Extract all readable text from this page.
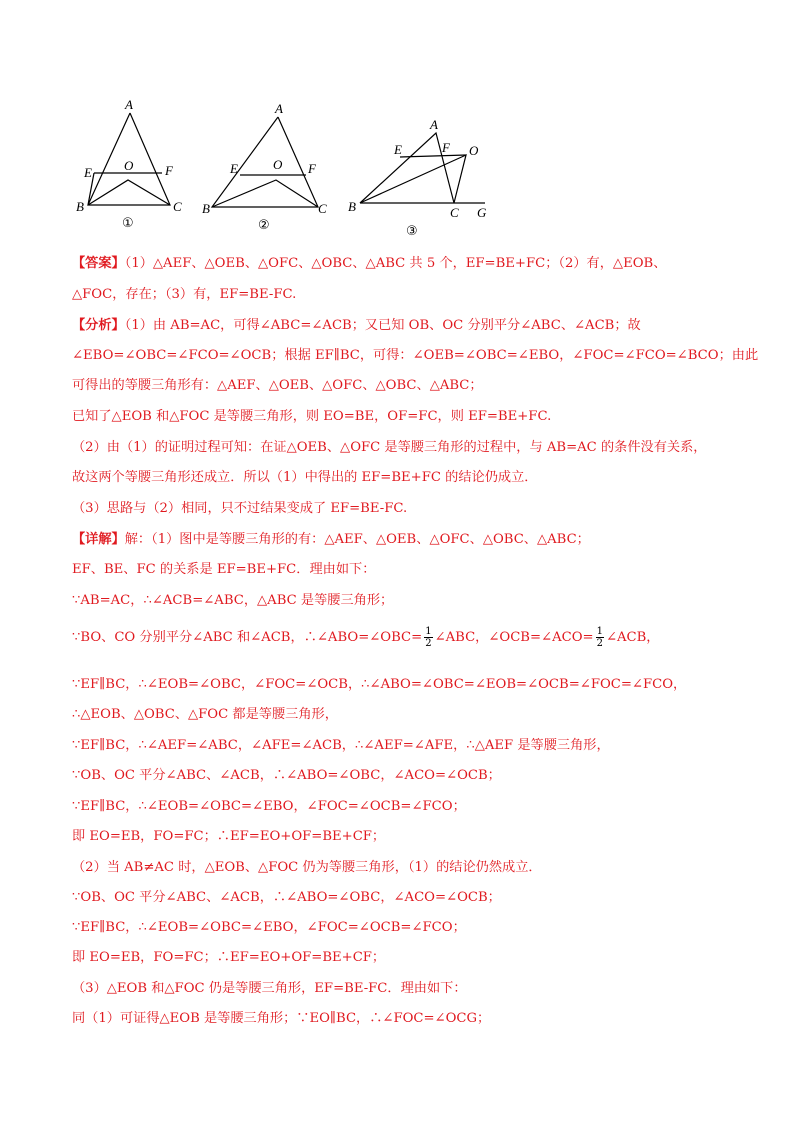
A
E O F
B	C
①
A
E	O F
B	C
②
A
E	F O
B	C G
③
【答案】（1）△AEF、△OEB、△OFC、△OBC、△ABC 共 5 个，EF=BE+FC；（2）有，△EOB、
△FOC，存在；（3）有，EF=BE-FC.
【分析】（1）由 AB=AC，可得∠ABC=∠ACB；又已知 OB、OC 分别平分∠ABC、∠ACB；故
∠EBO=∠OBC=∠FCO=∠OCB；根据 EF∥BC，可得：∠OEB=∠OBC=∠EBO，∠FOC=∠FCO=∠BCO；由此
可得出的等腰三角形有：△AEF、△OEB、△OFC、△OBC、△ABC；
已知了△EOB 和△FOC 是等腰三角形，则 EO=BE，OF=FC，则 EF=BE+FC.
（2）由（1）的证明过程可知：在证△OEB、△OFC 是等腰三角形的过程中，与 AB=AC 的条件没有关系，
故这两个等腰三角形还成立．所以（1）中得出的 EF=BE+FC 的结论仍成立．
（3）思路与（2）相同，只不过结果变成了 EF=BE-FC.
【详解】解：（1）图中是等腰三角形的有：△AEF、△OEB、△OFC、△OBC、△ABC；
EF、BE、FC 的关系是 EF=BE+FC．理由如下：
∵AB=AC，∴∠ACB=∠ABC，△ABC 是等腰三角形；
∵BO、CO 分别平分∠ABC 和∠ACB，∴∠ABO=∠OBC= $\frac{1}{2}$ ∠ABC，∠OCB=∠ACO= $\frac{1}{2}$ ∠ACB，
∵EF∥BC，∴∠EOB=∠OBC，∠FOC=∠OCB，∴∠ABO=∠OBC=∠EOB=∠OCB=∠FOC=∠FCO，
∴△EOB、△OBC、△FOC 都是等腰三角形，
∵EF∥BC，∴∠AEF=∠ABC，∠AFE=∠ACB，∴∠AEF=∠AFE，∴△AEF 是等腰三角形，
∵OB、OC 平分∠ABC、∠ACB，∴∠ABO=∠OBC，∠ACO=∠OCB；
∵EF∥BC，∴∠EOB=∠OBC=∠EBO，∠FOC=∠OCB=∠FCO；
即 EO=EB，FO=FC；∴EF=EO+OF=BE+CF；
（2）当 AB≠AC 时，△EOB、△FOC 仍为等腰三角形，（1）的结论仍然成立．
∵OB、OC 平分∠ABC、∠ACB，∴∠ABO=∠OBC，∠ACO=∠OCB；
∵EF∥BC，∴∠EOB=∠OBC=∠EBO，∠FOC=∠OCB=∠FCO；
即 EO=EB，FO=FC；∴EF=EO+OF=BE+CF；
（3）△EOB 和△FOC 仍是等腰三角形，EF=BE-FC．理由如下：
同（1）可证得△EOB 是等腰三角形；∵EO∥BC，∴∠FOC=∠OCG；
